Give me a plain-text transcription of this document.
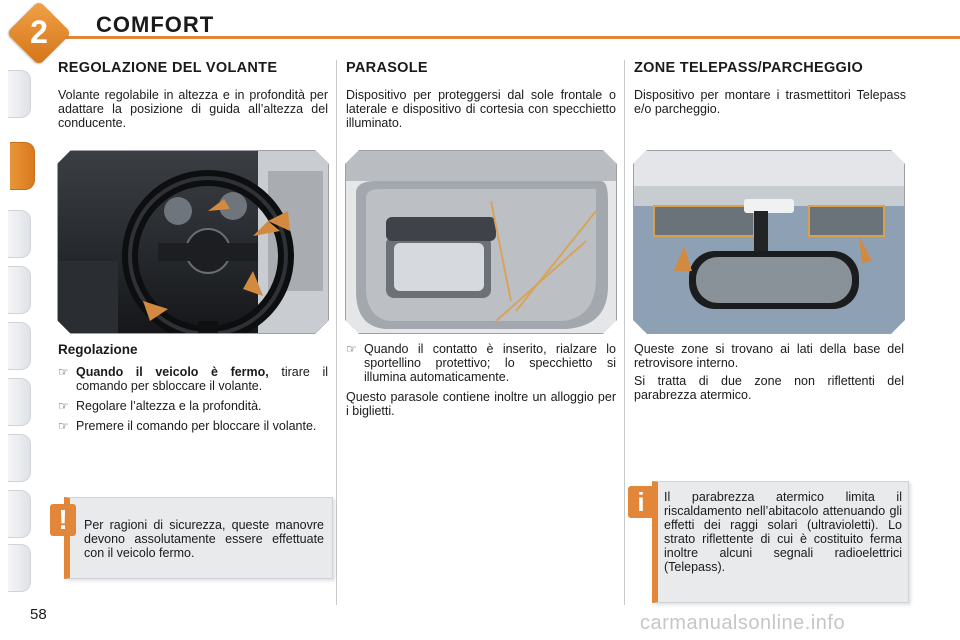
2	COMFORT
REGOLAZIONE DEL VOLANTE

Volante regolabile in altezza e in profondità per adattare la posizione di guida all’altezza del conducente.

Regolazione
☞ Quando il veicolo è fermo, tirare il comando per sbloccare il volante.
☞ Regolare l’altezza e la profondità.
☞ Premere il comando per bloccare il volante.

Per ragioni di sicurezza, queste manovre devono assolutamente essere effettuate con il veicolo fermo.

!
PARASOLE

Dispositivo per proteggersi dal sole frontale o laterale e dispositivo di cortesia con specchietto illuminato.

☞ Quando il contatto è inserito, rialzare lo sportellino protettivo; lo specchietto si illumina automaticamente.

Questo parasole contiene inoltre un alloggio per i biglietti.

ZONE TELEPASS/PARCHEGGIO

Dispositivo per montare i trasmettitori Telepass e/o parcheggio.

Queste zone si trovano ai lati della base del retrovisore interno.

Si tratta di due zone non riflettenti del parabrezza atermico.

Il parabrezza atermico limita il riscaldamento nell’abitacolo attenuando gli effetti dei raggi solari (ultravioletti). Lo strato riflettente di cui è costituito ferma inoltre alcuni segnali radioelettrici (Telepass).

i
58	carmanualsonline.info
